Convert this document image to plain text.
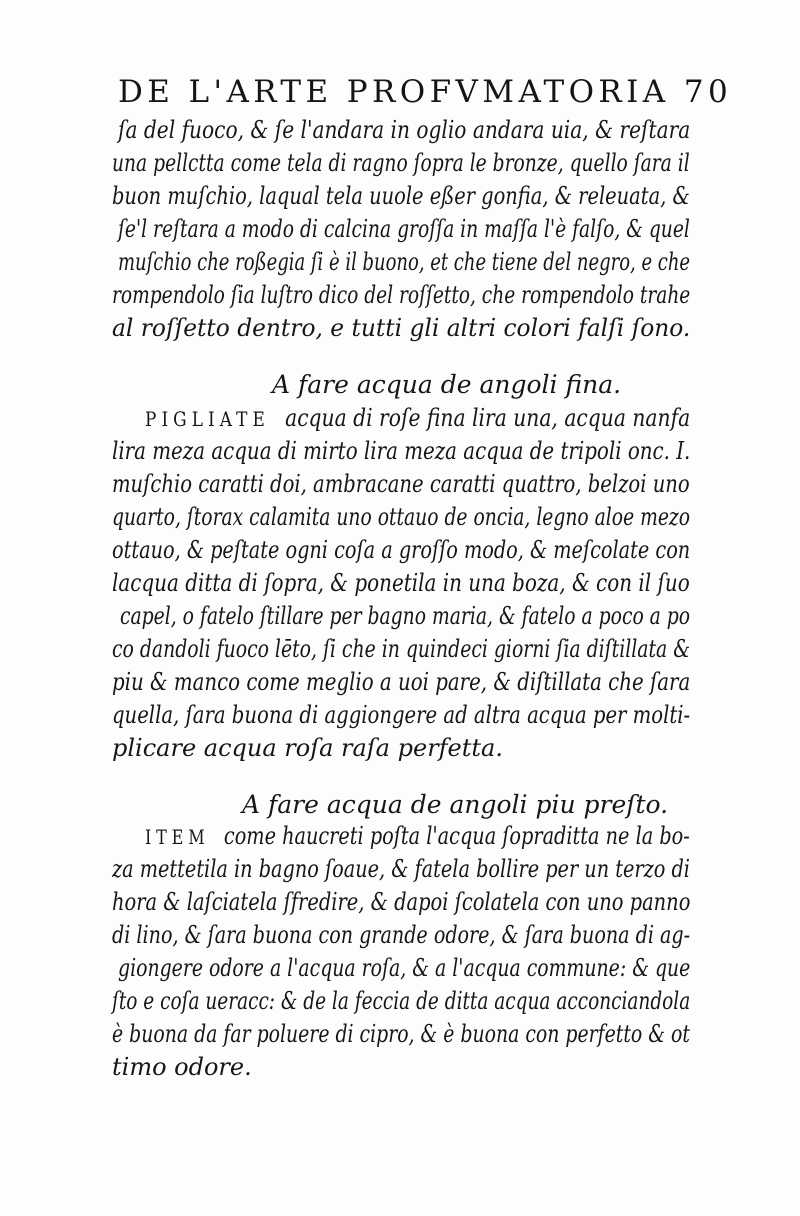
DE L'ARTE PROFVMATORIA 70
ſa del fuoco, & ſe l'andara in oglio andara uia, & reſtara
una pellctta come tela di ragno ſopra le bronze, quello ſara il
buon muſchio, laqual tela uuole eßer gonfia, & releuata, &
ſe'l reſtara a modo di calcina groſſa in maſſa l'è falſo, & quel
muſchio che roßegia ſi è il buono, et che tiene del negro, e che
rompendolo ſia luſtro dico del roſſetto, che rompendolo trahe
al roſſetto dentro, e tutti gli altri colori falſi ſono.
A fare acqua de angoli fina.
PIGLIATE acqua di roſe fina lira una, acqua nanfa
lira meza acqua di mirto lira meza acqua de tripoli onc. I.
muſchio caratti doi, ambracane caratti quattro, belzoi uno
quarto, ſtorax calamita uno ottauo de oncia, legno aloe mezo
ottauo, & peſtate ogni coſa a groſſo modo, & meſcolate con
lacqua ditta di ſopra, & ponetila in una boza, & con il ſuo
capel, o fatelo ſtillare per bagno maria, & fatelo a poco a po
co dandoli fuoco lēto, ſi che in quindeci giorni ſia diſtillata &
piu & manco come meglio a uoi pare, & diſtillata che ſara
quella, ſara buona di aggiongere ad altra acqua per molti-
plicare acqua roſa raſa perfetta.
A fare acqua de angoli piu preſto.
ITEM come haucreti poſta l'acqua ſopraditta ne la bo-
za mettetila in bagno ſoaue, & fatela bollire per un terzo di
hora & laſciatela ſfredire, & dapoi ſcolatela con uno panno
di lino, & ſara buona con grande odore, & ſara buona di ag-
giongere odore a l'acqua roſa, & a l'acqua commune: & que
ſto e coſa ueracc: & de la feccia de ditta acqua acconciandola
è buona da far poluere di cipro, & è buona con perfetto & ot
timo odore.
